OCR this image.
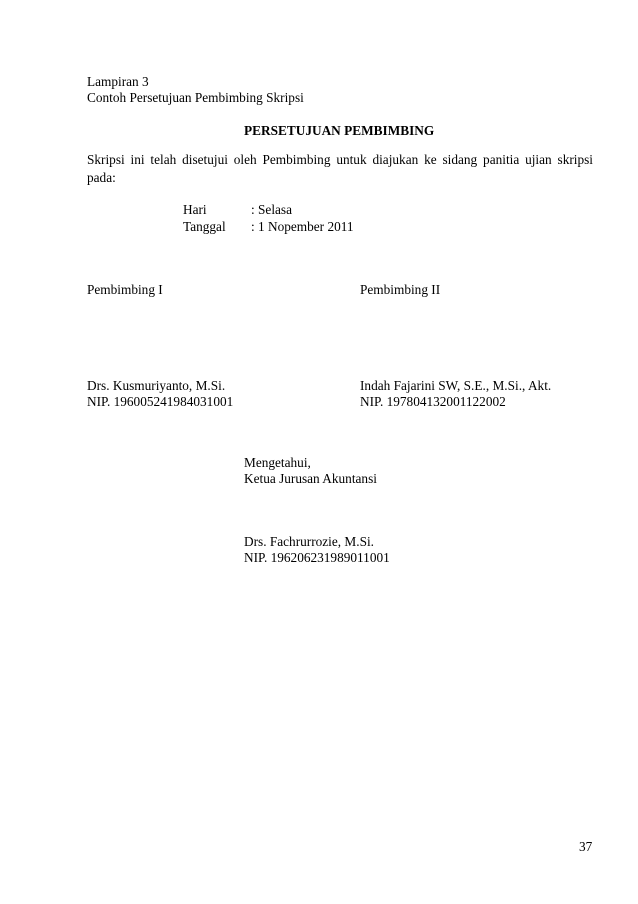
Lampiran 3
Contoh Persetujuan Pembimbing Skripsi
PERSETUJUAN PEMBIMBING
Skripsi ini telah disetujui oleh Pembimbing untuk diajukan ke sidang panitia ujian skripsi
pada:
Hari	: Selasa
Tanggal : 1 Nopember 2011
Pembimbing I	Pembimbing II
Drs. Kusmuriyanto, M.Si.
NIP. 196005241984031001
Indah Fajarini SW, S.E., M.Si., Akt.
NIP. 197804132001122002
Mengetahui,
Ketua Jurusan Akuntansi
Drs. Fachrurrozie, M.Si.
NIP. 196206231989011001
37
